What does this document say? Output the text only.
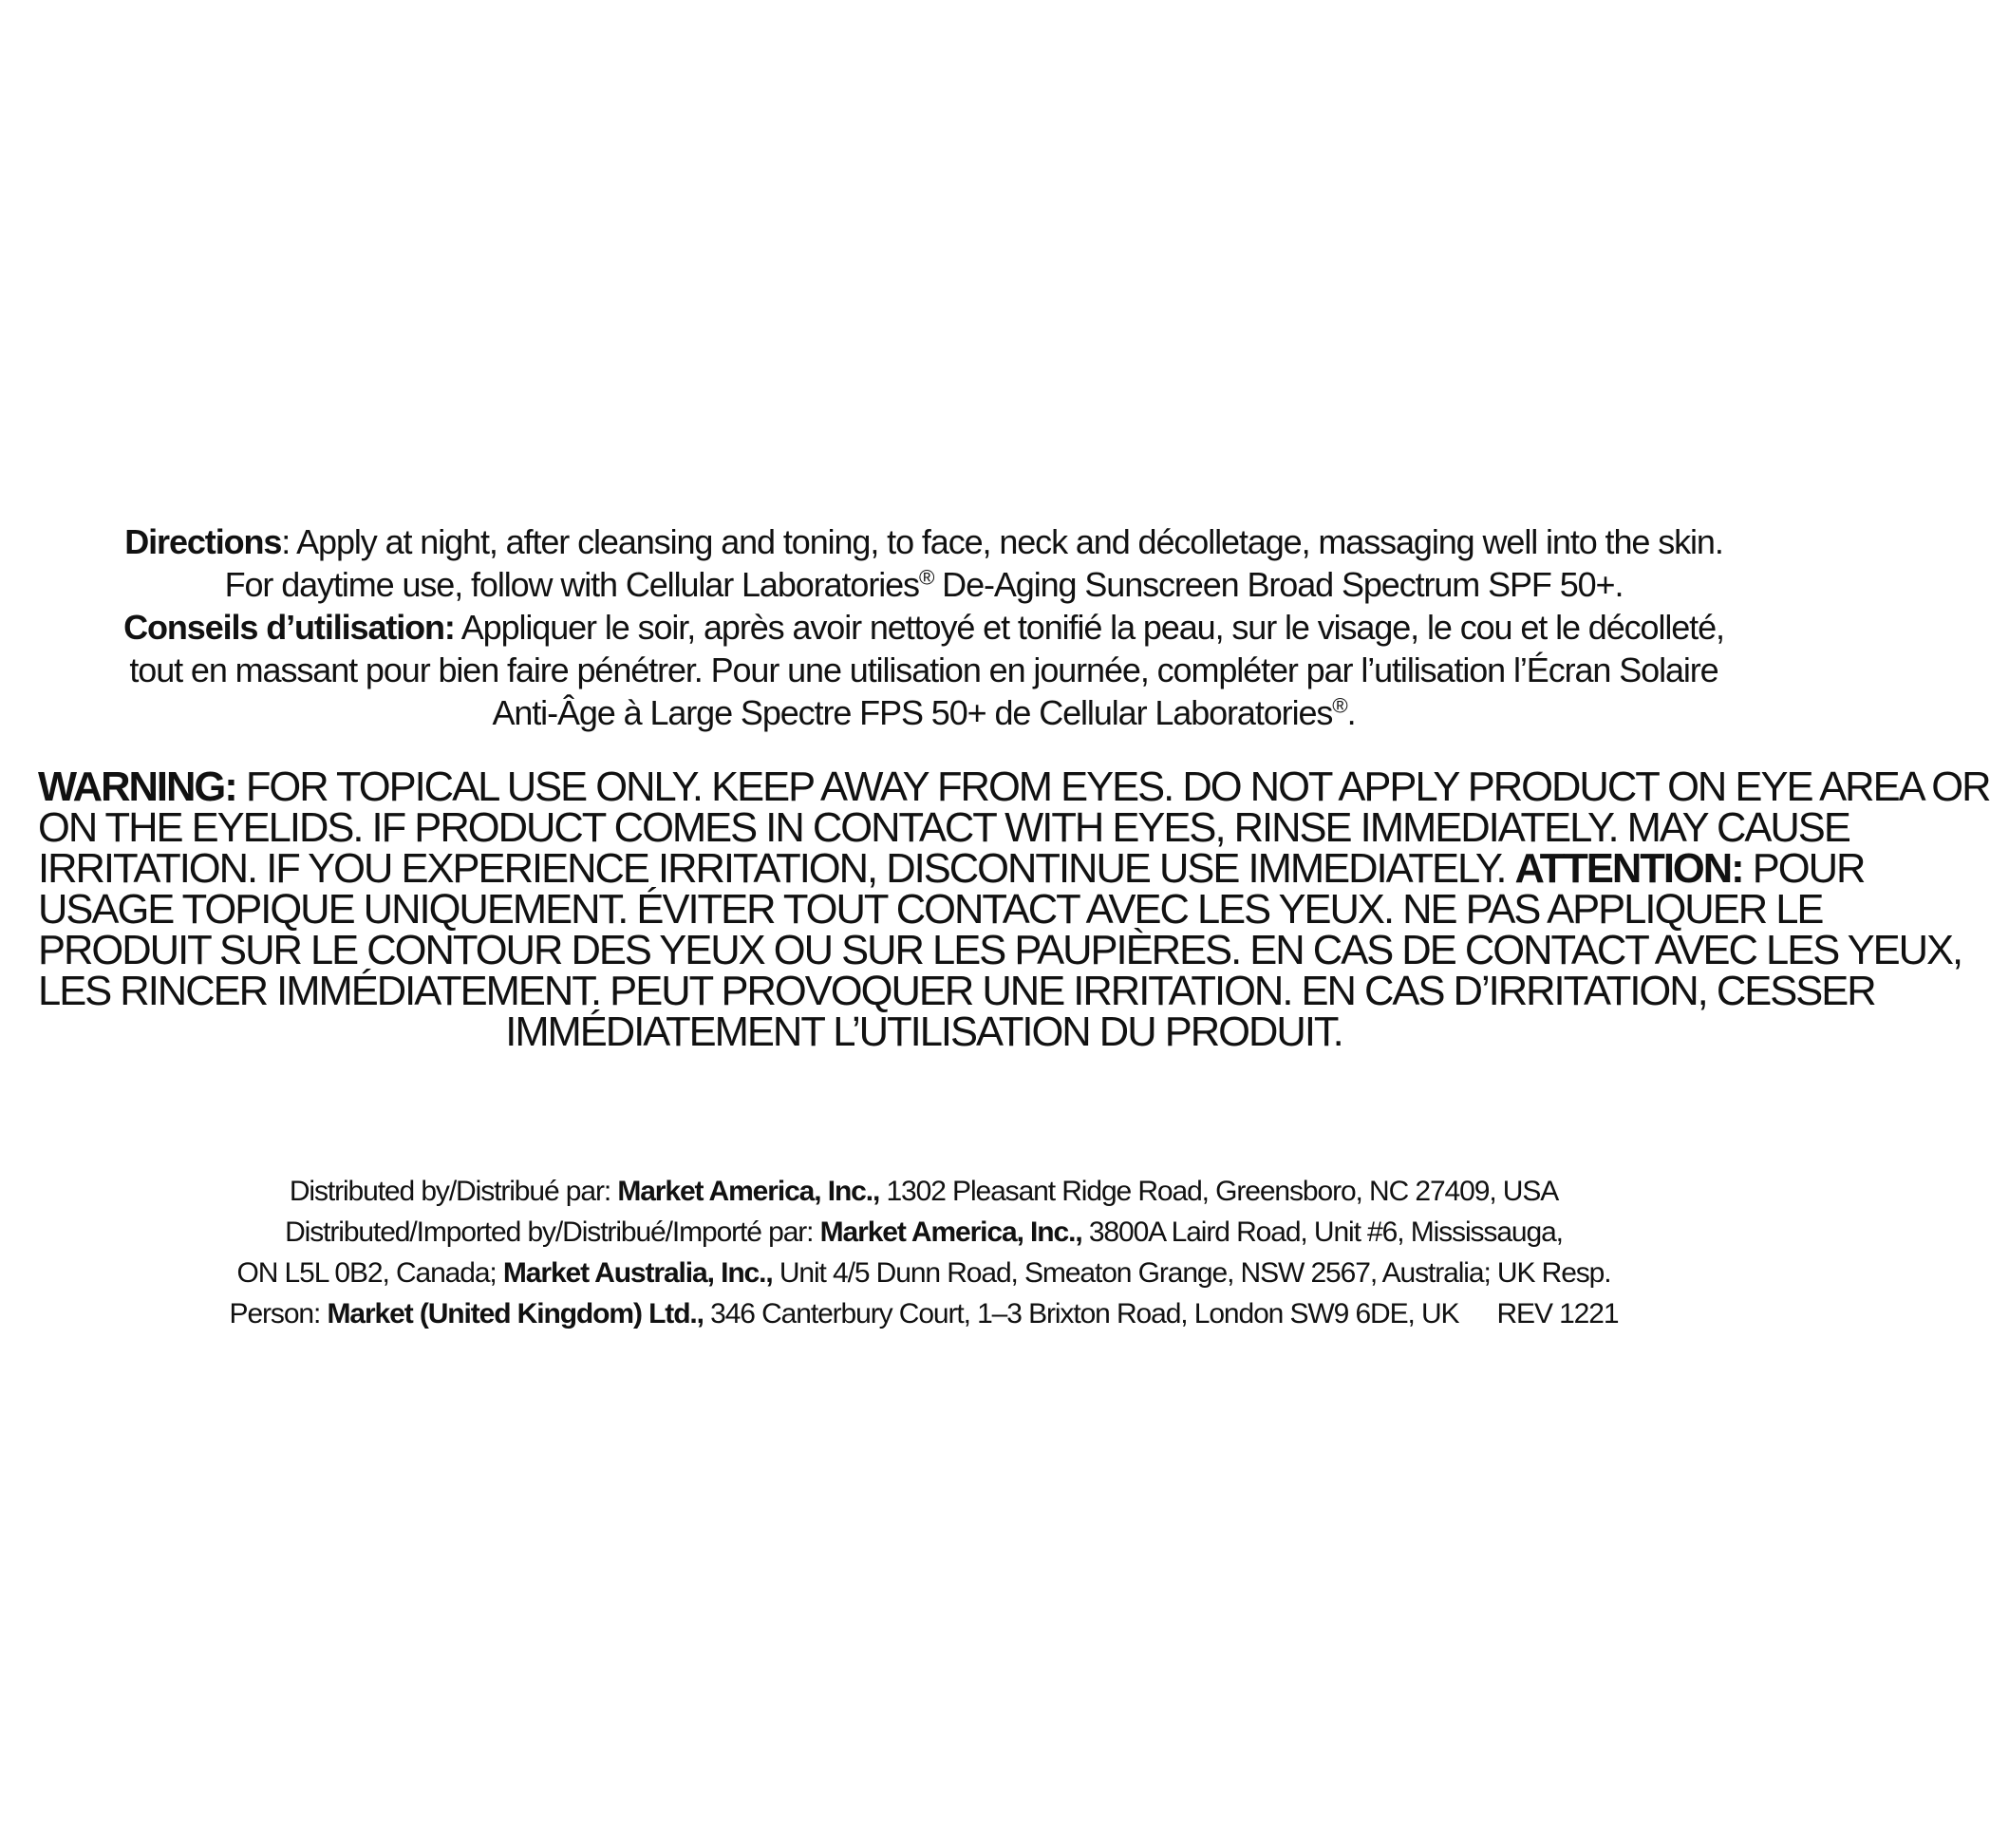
Directions: Apply at night, after cleansing and toning, to face, neck and décolletage, massaging well into the skin.
For daytime use, follow with Cellular Laboratories® De-Aging Sunscreen Broad Spectrum SPF 50+.
Conseils d’utilisation: Appliquer le soir, après avoir nettoyé et tonifié la peau, sur le visage, le cou et le décolleté,
tout en massant pour bien faire pénétrer. Pour une utilisation en journée, compléter par l’utilisation l’Écran Solaire
Anti-Âge à Large Spectre FPS 50+ de Cellular Laboratories®.
WARNING: FOR TOPICAL USE ONLY. KEEP AWAY FROM EYES. DO NOT APPLY PRODUCT ON EYE AREA OR
ON THE EYELIDS. IF PRODUCT COMES IN CONTACT WITH EYES, RINSE IMMEDIATELY. MAY CAUSE
IRRITATION. IF YOU EXPERIENCE IRRITATION, DISCONTINUE USE IMMEDIATELY. ATTENTION: POUR
USAGE TOPIQUE UNIQUEMENT. ÉVITER TOUT CONTACT AVEC LES YEUX. NE PAS APPLIQUER LE
PRODUIT SUR LE CONTOUR DES YEUX OU SUR LES PAUPIÈRES. EN CAS DE CONTACT AVEC LES YEUX,
LES RINCER IMMÉDIATEMENT. PEUT PROVOQUER UNE IRRITATION. EN CAS D’IRRITATION, CESSER
IMMÉDIATEMENT L’UTILISATION DU PRODUIT.
Distributed by/Distribué par: Market America, Inc., 1302 Pleasant Ridge Road, Greensboro, NC 27409, USA
Distributed/Imported by/Distribué/Importé par: Market America, Inc., 3800A Laird Road, Unit #6, Mississauga,
ON L5L 0B2, Canada; Market Australia, Inc., Unit 4/5 Dunn Road, Smeaton Grange, NSW 2567, Australia; UK Resp.
Person: Market (United Kingdom) Ltd., 346 Canterbury Court, 1–3 Brixton Road, London SW9 6DE, UK REV 1221
